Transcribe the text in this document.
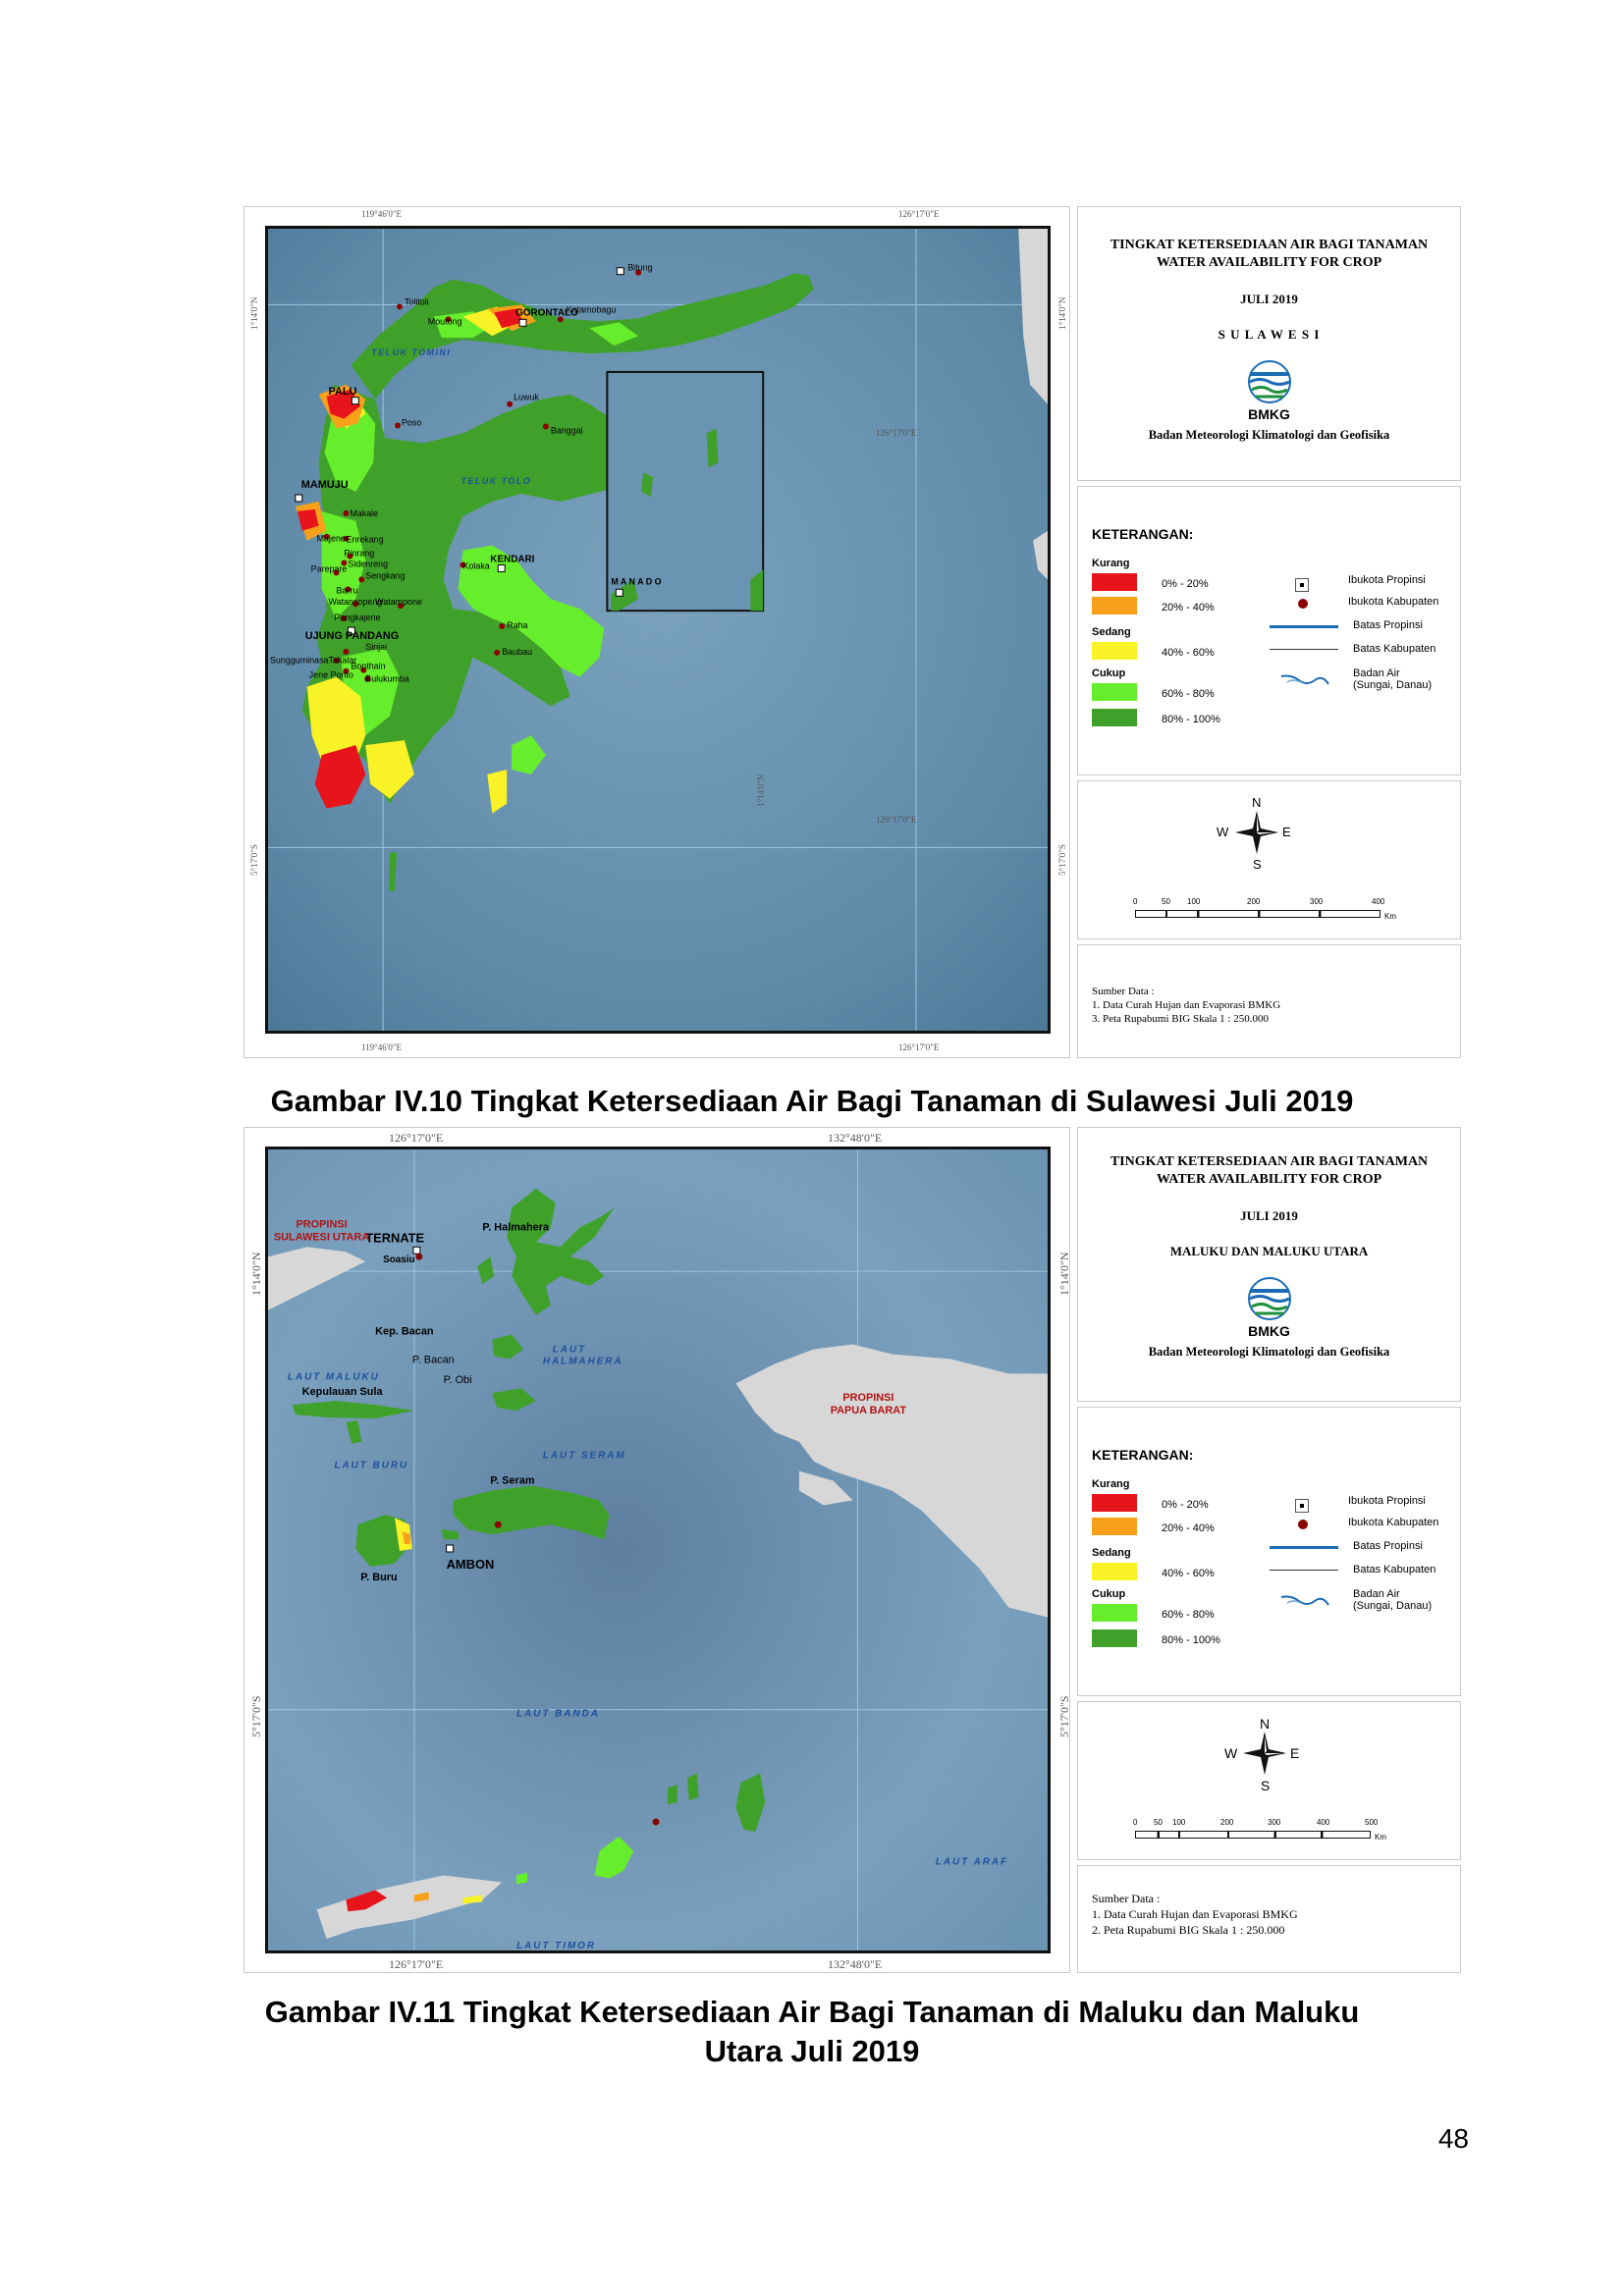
119°46'0"E	126°17'0"E
119°46'0"E	126°17'0"E
1°14'0"N
5°17'0"S
1°14'0"N
5°17'0"S
Bitung
Tolitoli
GORONTALO
Kotamobagu
Moutong
PALU
Poso
Luwuk
Banggai
MAMUJU
Makale
Enrekang
Majene
Pinrang
Sidenreng
Parepare
Sengkang
Barru
Watansopeng
Watampone
Pangkajene
Kolaka
KENDARI
UJUNG PANDANG
Sinjai
Sungguminasa Takalar
Bonthain
Jene Ponto Bulukumba
Raha
Baubau
M A N A D O
TELUK TOMINI
TELUK TOLO
126°17'0"E
126°17'0"E
1°14'0"N
TINGKAT KETERSEDIAAN AIR BAGI TANAMAN
WATER AVAILABILITY FOR CROP
JULI 2019
S U L A W E S I
BMKG
Badan Meteorologi Klimatologi dan Geofisika
KETERANGAN:
Kurang
0% - 20%
20% - 40%
Sedang
40% - 60%
Cukup
60% - 80%
80% - 100%
Ibukota Propinsi
Ibukota Kabupaten
Batas Propinsi
Batas Kabupaten
Badan Air
(Sungai, Danau)
N
S
W	E
0	50 100	200	300	400
Km
Sumber Data :
1. Data Curah Hujan dan Evaporasi BMKG
3. Peta Rupabumi BIG Skala 1 : 250.000
Gambar IV.10 Tingkat Ketersediaan Air Bagi Tanaman di Sulawesi Juli 2019
126°17'0"E	132°48'0"E
126°17'0"E	132°48'0"E
1°14'0"N
5°17'0"S
1°14'0"N
5°17'0"S
P. Halmahera
TERNATE
Soasiu
Kep. Bacan
Kepulauan Sula
P. Seram
AMBON
P. Buru
P. Bacan
P. Obi
PROPINSI
SULAWESI UTARA
PROPINSI
PAPUA BARAT
LAUT
HALMAHERA
LAUT MALUKU
LAUT SERAM
LAUT BURU
LAUT BANDA
LAUT ARAF
LAUT TIMOR
TINGKAT KETERSEDIAAN AIR BAGI TANAMAN
WATER AVAILABILITY FOR CROP
JULI 2019
MALUKU DAN MALUKU UTARA
BMKG
Badan Meteorologi Klimatologi dan Geofisika
KETERANGAN:
Kurang
0% - 20%
20% - 40%
Sedang
40% - 60%
Cukup
60% - 80%
80% - 100%
Ibukota Propinsi
Ibukota Kabupaten
Batas Propinsi
Batas Kabupaten
Badan Air
(Sungai, Danau)
N
S
W	E
0 50 100	200	300	400	500
Km
Sumber Data :
1. Data Curah Hujan dan Evaporasi BMKG
2. Peta Rupabumi BIG Skala 1 : 250.000
Gambar IV.11 Tingkat Ketersediaan Air Bagi Tanaman di Maluku dan Maluku
Utara Juli 2019
48
